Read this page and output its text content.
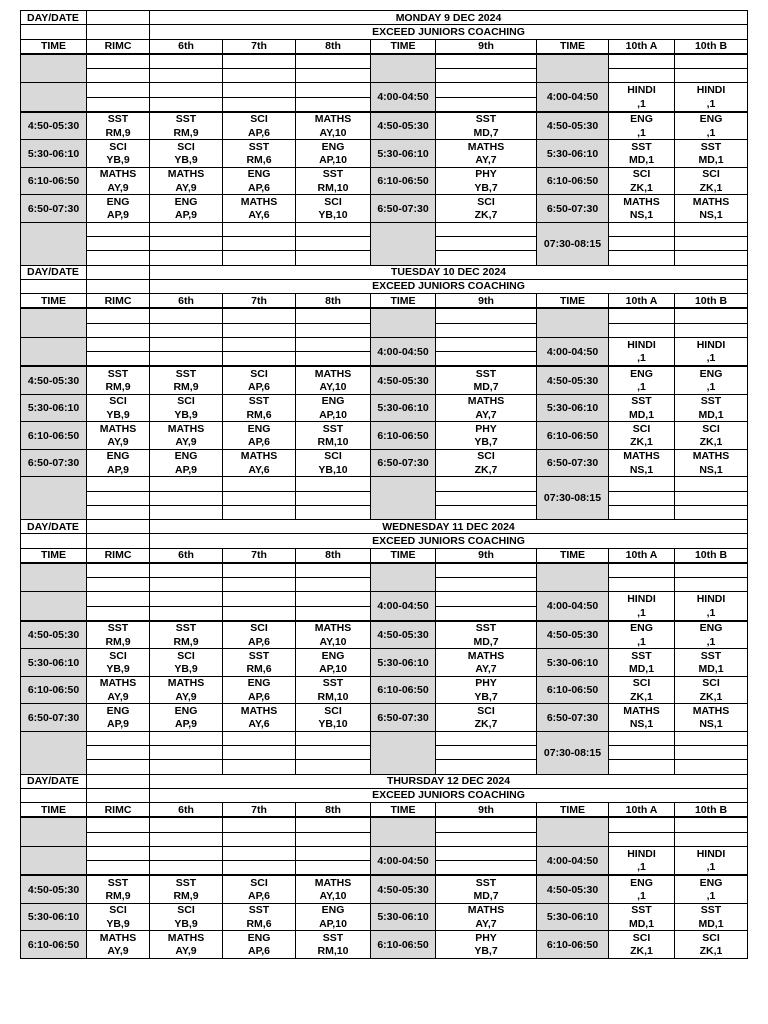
DAY/DATE		MONDAY 9 DEC 2024							
		EXCEED JUNIORS COACHING							
TIME	RIMC	6th	7th	8th	TIME	9th	TIME	10th A	10th B

					4:00-04:50		4:00-04:50	HINDI	HINDI
								,1	,1
4:50-05:30	SST	SST	SCI	MATHS	4:50-05:30	SST	4:50-05:30	ENG	ENG
	RM,9	RM,9	AP,6	AY,10		MD,7		,1	,1
5:30-06:10	SCI	SCI	SST	ENG	5:30-06:10	MATHS	5:30-06:10	SST	SST
	YB,9	YB,9	RM,6	AP,10		AY,7		MD,1	MD,1
6:10-06:50	MATHS	MATHS	ENG	SST	6:10-06:50	PHY	6:10-06:50	SCI	SCI
	AY,9	AY,9	AP,6	RM,10		YB,7		ZK,1	ZK,1
6:50-07:30	ENG	ENG	MATHS	SCI	6:50-07:30	SCI	6:50-07:30	MATHS	MATHS
	AP,9	AP,9	AY,6	YB,10		ZK,7		NS,1	NS,1
							07:30-08:15		

DAY/DATE		TUESDAY 10 DEC 2024							
		EXCEED JUNIORS COACHING							
TIME	RIMC	6th	7th	8th	TIME	9th	TIME	10th A	10th B

					4:00-04:50		4:00-04:50	HINDI	HINDI
								,1	,1
4:50-05:30	SST	SST	SCI	MATHS	4:50-05:30	SST	4:50-05:30	ENG	ENG
	RM,9	RM,9	AP,6	AY,10		MD,7		,1	,1
5:30-06:10	SCI	SCI	SST	ENG	5:30-06:10	MATHS	5:30-06:10	SST	SST
	YB,9	YB,9	RM,6	AP,10		AY,7		MD,1	MD,1
6:10-06:50	MATHS	MATHS	ENG	SST	6:10-06:50	PHY	6:10-06:50	SCI	SCI
	AY,9	AY,9	AP,6	RM,10		YB,7		ZK,1	ZK,1
6:50-07:30	ENG	ENG	MATHS	SCI	6:50-07:30	SCI	6:50-07:30	MATHS	MATHS
	AP,9	AP,9	AY,6	YB,10		ZK,7		NS,1	NS,1
							07:30-08:15		

DAY/DATE		WEDNESDAY 11 DEC 2024							
		EXCEED JUNIORS COACHING							
TIME	RIMC	6th	7th	8th	TIME	9th	TIME	10th A	10th B

					4:00-04:50		4:00-04:50	HINDI	HINDI
								,1	,1
4:50-05:30	SST	SST	SCI	MATHS	4:50-05:30	SST	4:50-05:30	ENG	ENG
	RM,9	RM,9	AP,6	AY,10		MD,7		,1	,1
5:30-06:10	SCI	SCI	SST	ENG	5:30-06:10	MATHS	5:30-06:10	SST	SST
	YB,9	YB,9	RM,6	AP,10		AY,7		MD,1	MD,1
6:10-06:50	MATHS	MATHS	ENG	SST	6:10-06:50	PHY	6:10-06:50	SCI	SCI
	AY,9	AY,9	AP,6	RM,10		YB,7		ZK,1	ZK,1
6:50-07:30	ENG	ENG	MATHS	SCI	6:50-07:30	SCI	6:50-07:30	MATHS	MATHS
	AP,9	AP,9	AY,6	YB,10		ZK,7		NS,1	NS,1
							07:30-08:15		

DAY/DATE		THURSDAY 12 DEC 2024							
		EXCEED JUNIORS COACHING							
TIME	RIMC	6th	7th	8th	TIME	9th	TIME	10th A	10th B

					4:00-04:50		4:00-04:50	HINDI	HINDI
								,1	,1
4:50-05:30	SST	SST	SCI	MATHS	4:50-05:30	SST	4:50-05:30	ENG	ENG
	RM,9	RM,9	AP,6	AY,10		MD,7		,1	,1
5:30-06:10	SCI	SCI	SST	ENG	5:30-06:10	MATHS	5:30-06:10	SST	SST
	YB,9	YB,9	RM,6	AP,10		AY,7		MD,1	MD,1
6:10-06:50	MATHS	MATHS	ENG	SST	6:10-06:50	PHY	6:10-06:50	SCI	SCI
	AY,9	AY,9	AP,6	RM,10		YB,7		ZK,1	ZK,1
